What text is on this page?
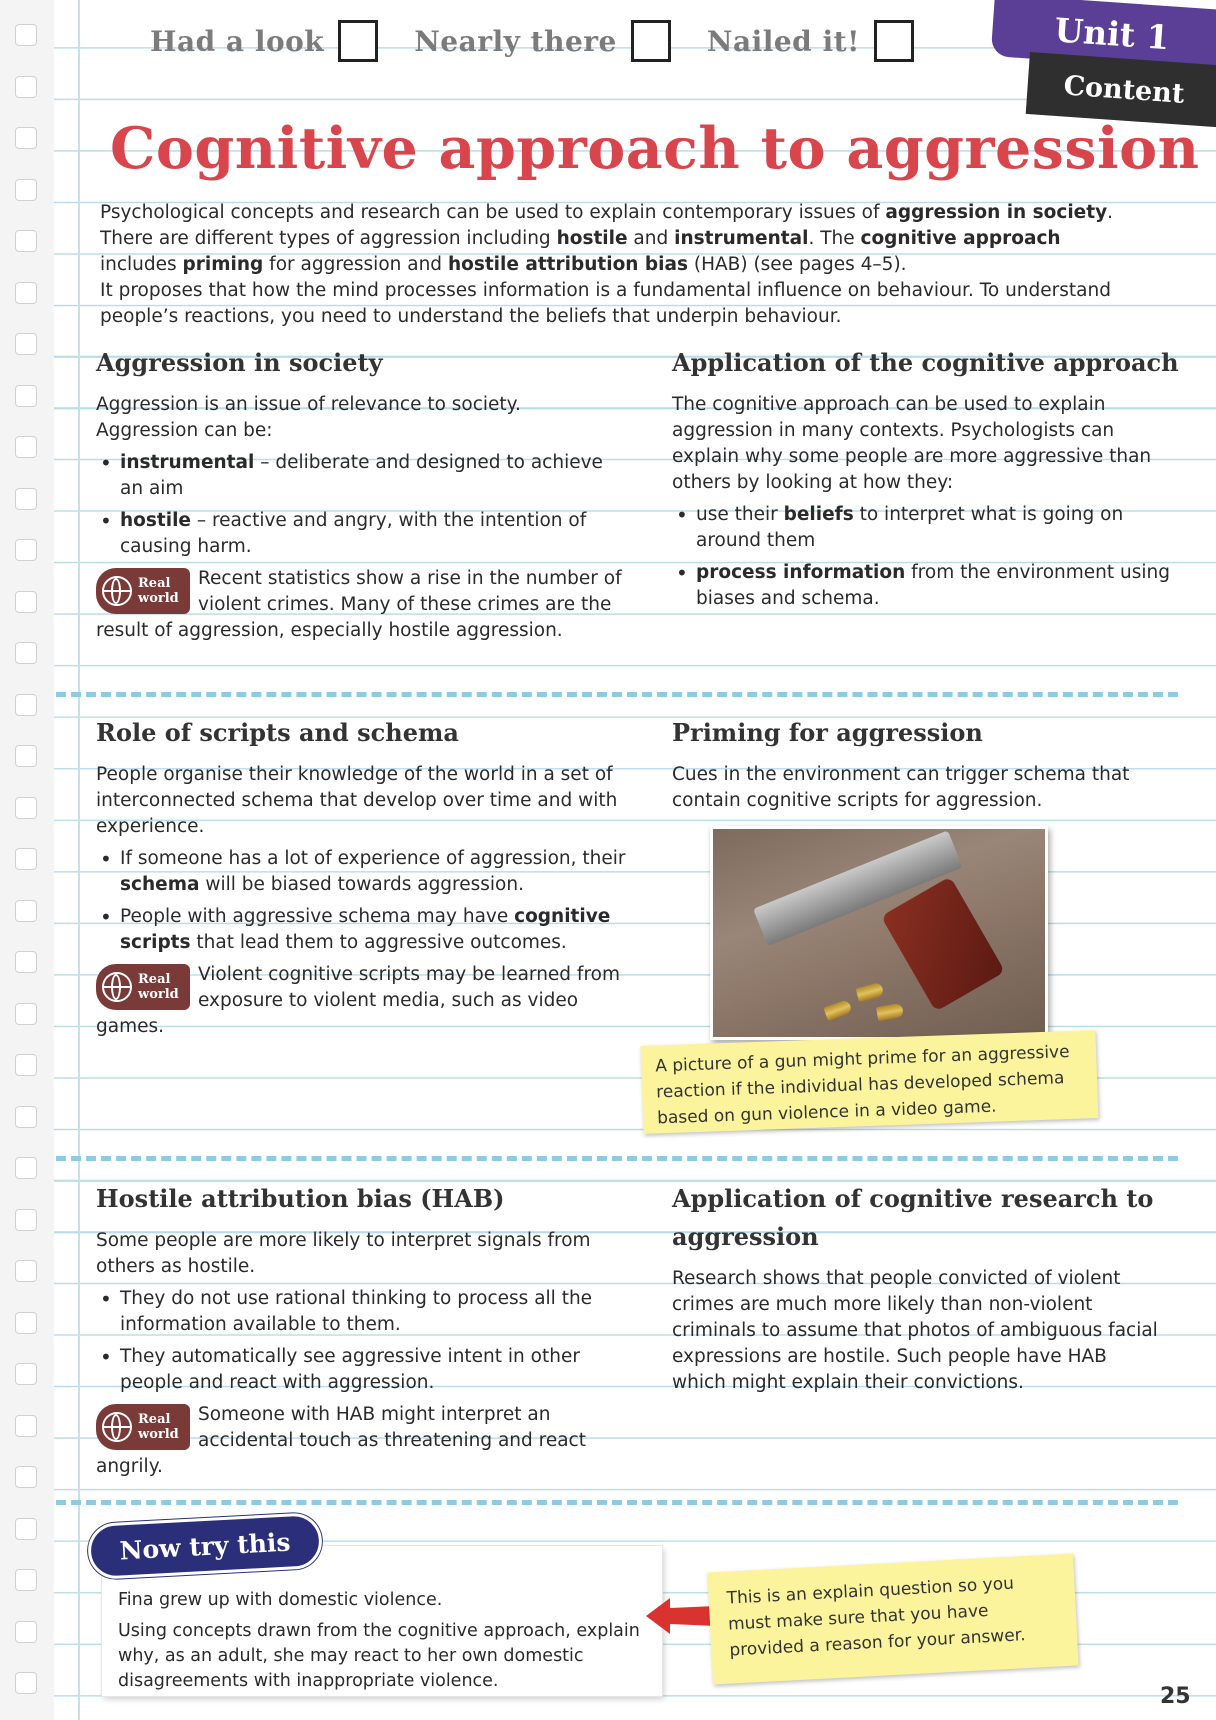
Had a look	Nearly there	Nailed it!	Unit 1
Content
Cognitive approach to aggression

Psychological concepts and research can be used to explain contemporary issues of aggression in society. There are different types of aggression including hostile and instrumental. The cognitive approach includes priming for aggression and hostile attribution bias (HAB) (see pages 4–5).

It proposes that how the mind processes information is a fundamental influence on behaviour. To understand people’s reactions, you need to understand the beliefs that underpin behaviour.

Aggression in society

Aggression is an issue of relevance to society. Aggression can be:

• instrumental – deliberate and designed to achieve an aim
• hostile – reactive and angry, with the intention of causing harm.
Real
world
Recent statistics show a rise in the number of violent crimes. Many of these crimes are the result of aggression, especially hostile aggression.
Application of the cognitive approach

The cognitive approach can be used to explain aggression in many contexts. Psychologists can explain why some people are more aggressive than others by looking at how they:

• use their beliefs to interpret what is going on around them
• process information from the environment using biases and schema.
Role of scripts and schema

People organise their knowledge of the world in a set of interconnected schema that develop over time and with experience.

• If someone has a lot of experience of aggression, their schema will be biased towards aggression.
• People with aggressive schema may have cognitive scripts that lead them to aggressive outcomes.
Real
world
Violent cognitive scripts may be learned from exposure to violent media, such as video games.
Priming for aggression

Cues in the environment can trigger schema that contain cognitive scripts for aggression.

A picture of a gun might prime for an aggressive reaction if the individual has developed schema based on gun violence in a video game.
Hostile attribution bias (HAB)

Some people are more likely to interpret signals from others as hostile.

• They do not use rational thinking to process all the information available to them.
• They automatically see aggressive intent in other people and react with aggression.
Real
world
Someone with HAB might interpret an accidental touch as threatening and react angrily.
Application of cognitive research to aggression

Research shows that people convicted of violent crimes are much more likely than non-violent criminals to assume that photos of ambiguous facial expressions are hostile. Such people have HAB which might explain their convictions.

Fina grew up with domestic violence.

Using concepts drawn from the cognitive approach, explain why, as an adult, she may react to her own domestic disagreements with inappropriate violence.

Now try this
This is an explain question so you must make sure that you have provided a reason for your answer.
25
